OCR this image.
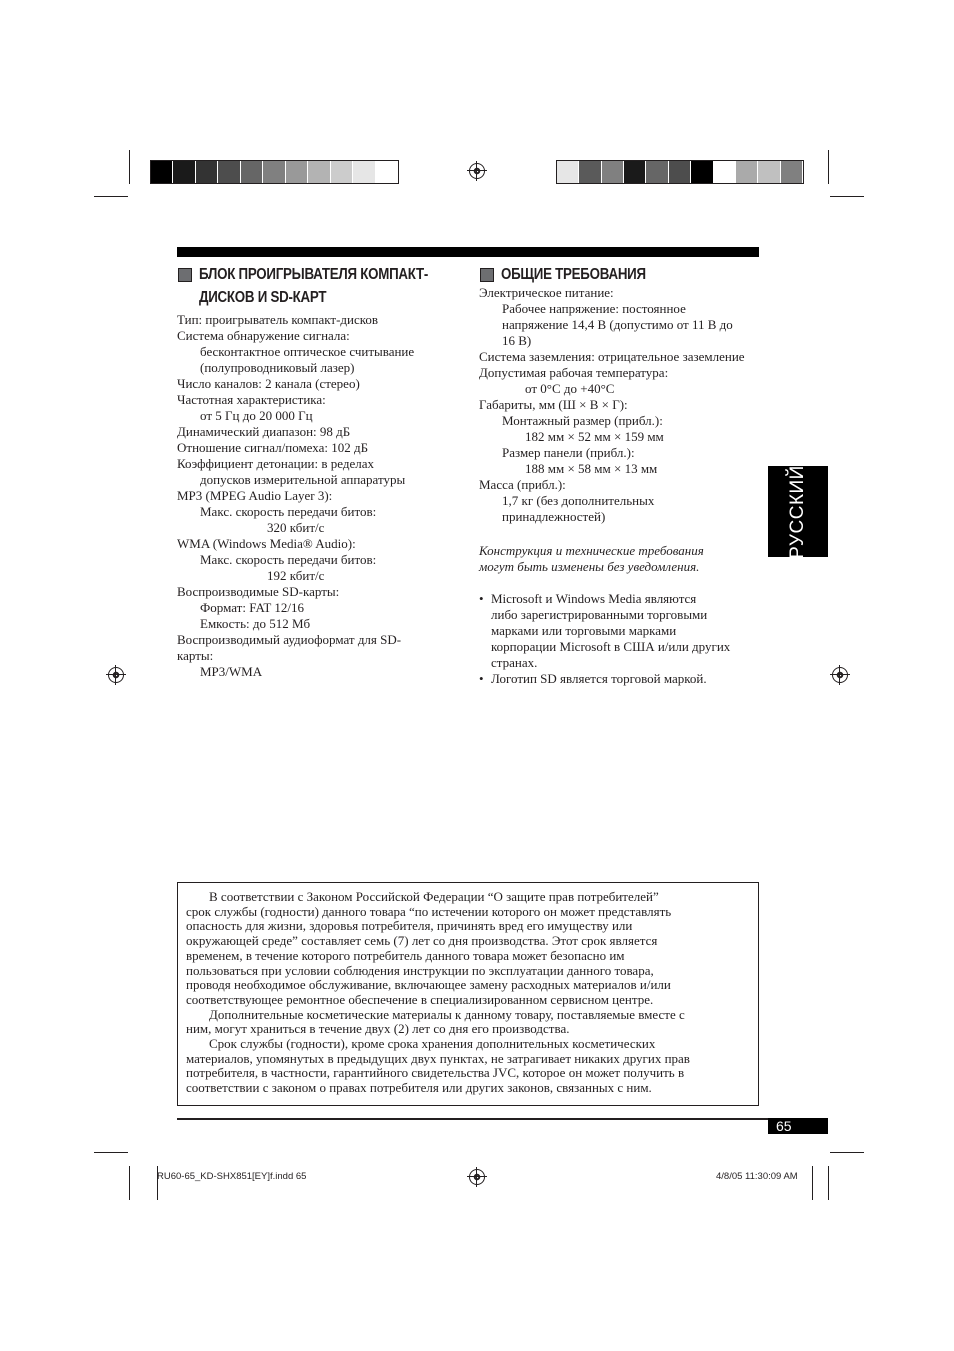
БЛОК ПРОИГРЫВАТЕЛЯ КОМПАКТ-
ДИСКОВ И SD-КАРТ
Тип: проигрыватель компакт-дисков
Система обнаружение сигнала:
бесконтактное оптическое считывание
(полупроводниковый лазер)
Число каналов: 2 канала (стерео)
Частотная характеристика:
от 5 Гц до 20 000 Гц
Динамический диапазон: 98 дБ
Отношение сигнал/помеха: 102 дБ
Коэффициент детонации: в ределах
допусков измерительной аппаратуры
MP3 (MPEG Audio Layer 3):
Макс. скорость передачи битов:
320 кбит/с
WMA (Windows Media® Audio):
Макс. скорость передачи битов:
192 кбит/с
Воспроизводимые SD-карты:
Формат: FAT 12/16
Емкость: до 512 Мб
Воспроизводимый аудиоформат для SD-
карты:
MP3/WMA
ОБЩИЕ ТРЕБОВАНИЯ
Электрическое питание:
Рабочее напряжение: постоянное
напряжение 14,4 В (допустимо от 11 В до
16 В)
Система заземления: отрицательное заземление
Допустимая рабочая температура:
от 0°C до +40°C
Габариты, мм (Ш × В × Г):
Монтажный размер (прибл.):
182 мм × 52 мм × 159 мм
Размер панели (прибл.):
188 мм × 58 мм × 13 мм
Масса (прибл.):
1,7 кг (без дополнительных
принадлежностей)
Конструкция и технические требования
могут быть изменены без уведомления.
• Microsoft и Windows Media являются
либо зарегистрированными торговыми
марками или торговыми марками
корпорации Microsoft в США и/или других
странах.
• Логотип SD является торговой маркой.
РУССКИЙ

В соответствии с Законом Российской Федерации “О защите прав потребителей”

срок службы (годности) данного товара “по истечении которого он может представлять

опасность для жизни, здоровья потребителя, причинять вред его имуществу или

окружающей среде” составляет семь (7) лет со дня производства. Этот срок является

временем, в течение которого потребитель данного товара может безопасно им

пользоваться при условии соблюдения инструкции по эксплуатации данного товара,

проводя необходимое обслуживание, включающее замену расходных материалов и/или

соответствующее ремонтное обеспечение в специализированном сервисном центре.

Дополнительные косметические материалы к данному товару, поставляемые вместе с

ним, могут храниться в течение двух (2) лет со дня его производства.

Срок службы (годности), кроме срока хранения дополнительных косметических

материалов, упомянутых в предыдущих двух пунктах, не затрагивает никаких других прав

потребителя, в частности, гарантийного свидетельства JVC, которое он может получить в

соответствии с законом о правах потребителя или других законов, связанных с ним.

65
RU60-65_KD-SHX851[EY]f.indd 65	4/8/05 11:30:09 AM
